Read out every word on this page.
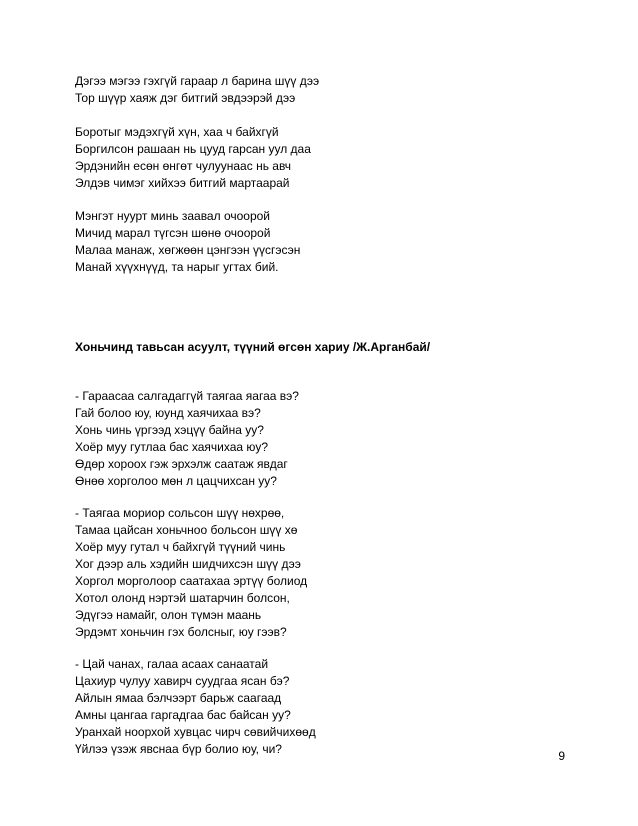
Дэгээ мэгээ гэхгүй гараар л барина шүү дээ
Тор шүүр хаяж дэг битгий эвдээрэй дээ
Боротыг мэдэхгүй хүн, хаа ч байхгүй
Боргилсон рашаан нь цууд гарсан уул даа
Эрдэнийн есөн өнгөт чулуунаас нь авч
Элдэв чимэг хийхээ битгий мартаарай
Мэнгэт нуурт минь заавал очоорой
Мичид марал түгсэн шөнө очоорой
Малаа манаж, хөгжөөн цэнгээн үүсгэсэн
Манай хүүхнүүд, та нарыг угтах бий.
Хоньчинд тавьсан асуулт, түүний өгсөн хариу /Ж.Арганбай/
- Гараасаа салгадаггүй таягаа яагаа вэ?
Гай болоо юу, юунд хаячихаа вэ?
Хонь чинь үргээд хэцүү байна уу?
Хоёр муу гутлаа бас хаячихаа юу?
Өдөр хороох гэж эрхэлж саатаж явдаг
Өнөө хорголоо мөн л цацчихсан уу?
- Таягаа мориор сольсон шүү нөхрөө,
Тамаа цайсан хоньчноо больсон шүү хө
Хоёр муу гутал ч байхгүй түүний чинь
Хог дээр аль хэдийн шидчихсэн шүү дээ
Хорго​л морголоор саатахаа эртүү болиод
Хотол олонд нэртэй шатарчин болсон,
Эдүгээ намайг, олон түмэн маань
Эрдэмт хоньчин гэх болсныг, юу гээв?
- Цай чанах, галаа асаах санаатай
Цахиур чулуу хавирч суудгаа ясан бэ?
Айлын ямаа бэлчээрт барьж саагаад
Амны цангаа гаргадгаа бас байсан уу?
Уранхай ноорхой хувцас чирч сөвийчихөөд
Үйлээ үзэж явснаа бүр болио юу, чи?	9
